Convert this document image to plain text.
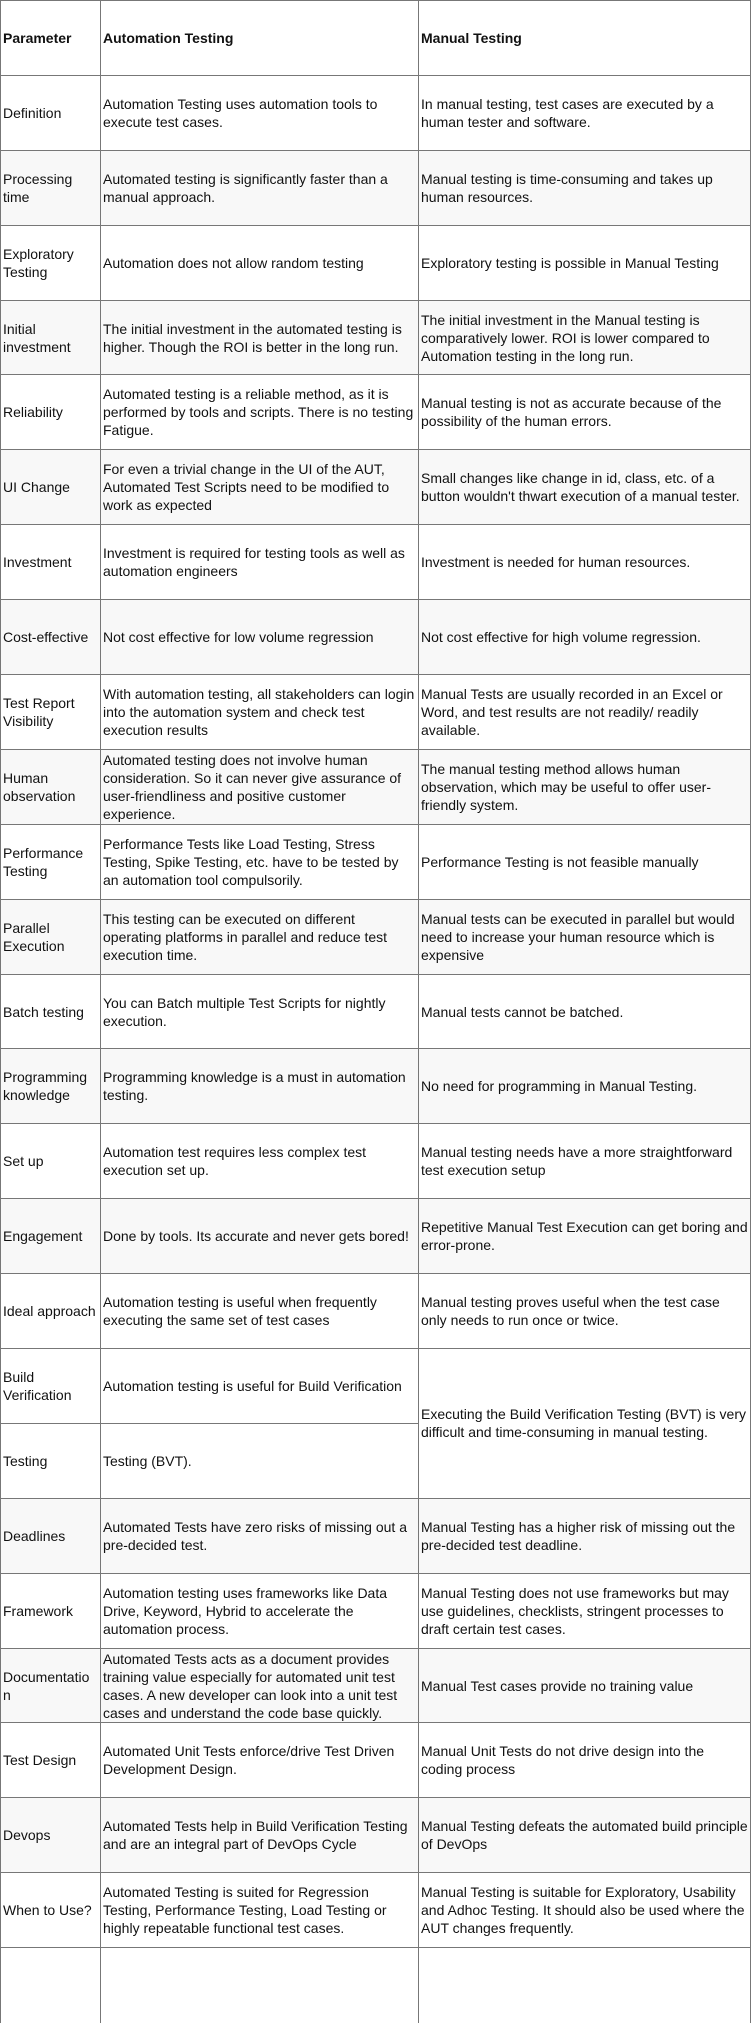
Parameter	Automation Testing	Manual Testing
Definition	Automation Testing uses automation tools to execute test cases.	In manual testing, test cases are executed by a human tester and software.
Processing time	Automated testing is significantly faster than a manual approach.	Manual testing is time-consuming and takes up human resources.
Exploratory Testing	Automation does not allow random testing	Exploratory testing is possible in Manual Testing
Initial investment	The initial investment in the automated testing is higher. Though the ROI is better in the long run.	The initial investment in the Manual testing is comparatively lower. ROI is lower compared to Automation testing in the long run.
Reliability	Automated testing is a reliable method, as it is performed by tools and scripts. There is no testing Fatigue.	Manual testing is not as accurate because of the possibility of the human errors.
UI Change	For even a trivial change in the UI of the AUT, Automated Test Scripts need to be modified to work as expected	Small changes like change in id, class, etc. of a button wouldn't thwart execution of a manual tester.
Investment	Investment is required for testing tools as well as automation engineers	Investment is needed for human resources.
Cost-effective	Not cost effective for low volume regression	Not cost effective for high volume regression.
Test Report Visibility	With automation testing, all stakeholders can login into the automation system and check test execution results	Manual Tests are usually recorded in an Excel or Word, and test results are not readily/ readily available.
Human observation	Automated testing does not involve human consideration. So it can never give assurance of user-friendliness and positive customer experience.	The manual testing method allows human observation, which may be useful to offer user-friendly system.
Performance Testing	Performance Tests like Load Testing, Stress Testing, Spike Testing, etc. have to be tested by an automation tool compulsorily.	Performance Testing is not feasible manually
Parallel Execution	This testing can be executed on different operating platforms in parallel and reduce test execution time.	Manual tests can be executed in parallel but would need to increase your human resource which is expensive
Batch testing	You can Batch multiple Test Scripts for nightly execution.	Manual tests cannot be batched.
Programming knowledge	Programming knowledge is a must in automation testing.	No need for programming in Manual Testing.
Set up	Automation test requires less complex test execution set up.	Manual testing needs have a more straightforward test execution setup
Engagement	Done by tools. Its accurate and never gets bored!	Repetitive Manual Test Execution can get boring and error-prone.
Ideal approach	Automation testing is useful when frequently executing the same set of test cases	Manual testing proves useful when the test case only needs to run once or twice.
Build Verification	Automation testing is useful for Build Verification	Executing the Build Verification Testing (BVT) is very difficult and time-consuming in manual testing.
Testing	Testing (BVT).	
Deadlines	Automated Tests have zero risks of missing out a pre-decided test.	Manual Testing has a higher risk of missing out the pre-decided test deadline.
Framework	Automation testing uses frameworks like Data Drive, Keyword, Hybrid to accelerate the automation process.	Manual Testing does not use frameworks but may use guidelines, checklists, stringent processes to draft certain test cases.
Documentatio n	Automated Tests acts as a document provides training value especially for automated unit test cases. A new developer can look into a unit test cases and understand the code base quickly.	Manual Test cases provide no training value
Test Design	Automated Unit Tests enforce/drive Test Driven Development Design.	Manual Unit Tests do not drive design into the coding process
Devops	Automated Tests help in Build Verification Testing and are an integral part of DevOps Cycle	Manual Testing defeats the automated build principle of DevOps
When to Use?	Automated Testing is suited for Regression Testing, Performance Testing, Load Testing or highly repeatable functional test cases.	Manual Testing is suitable for Exploratory, Usability and Adhoc Testing. It should also be used where the AUT changes frequently.
